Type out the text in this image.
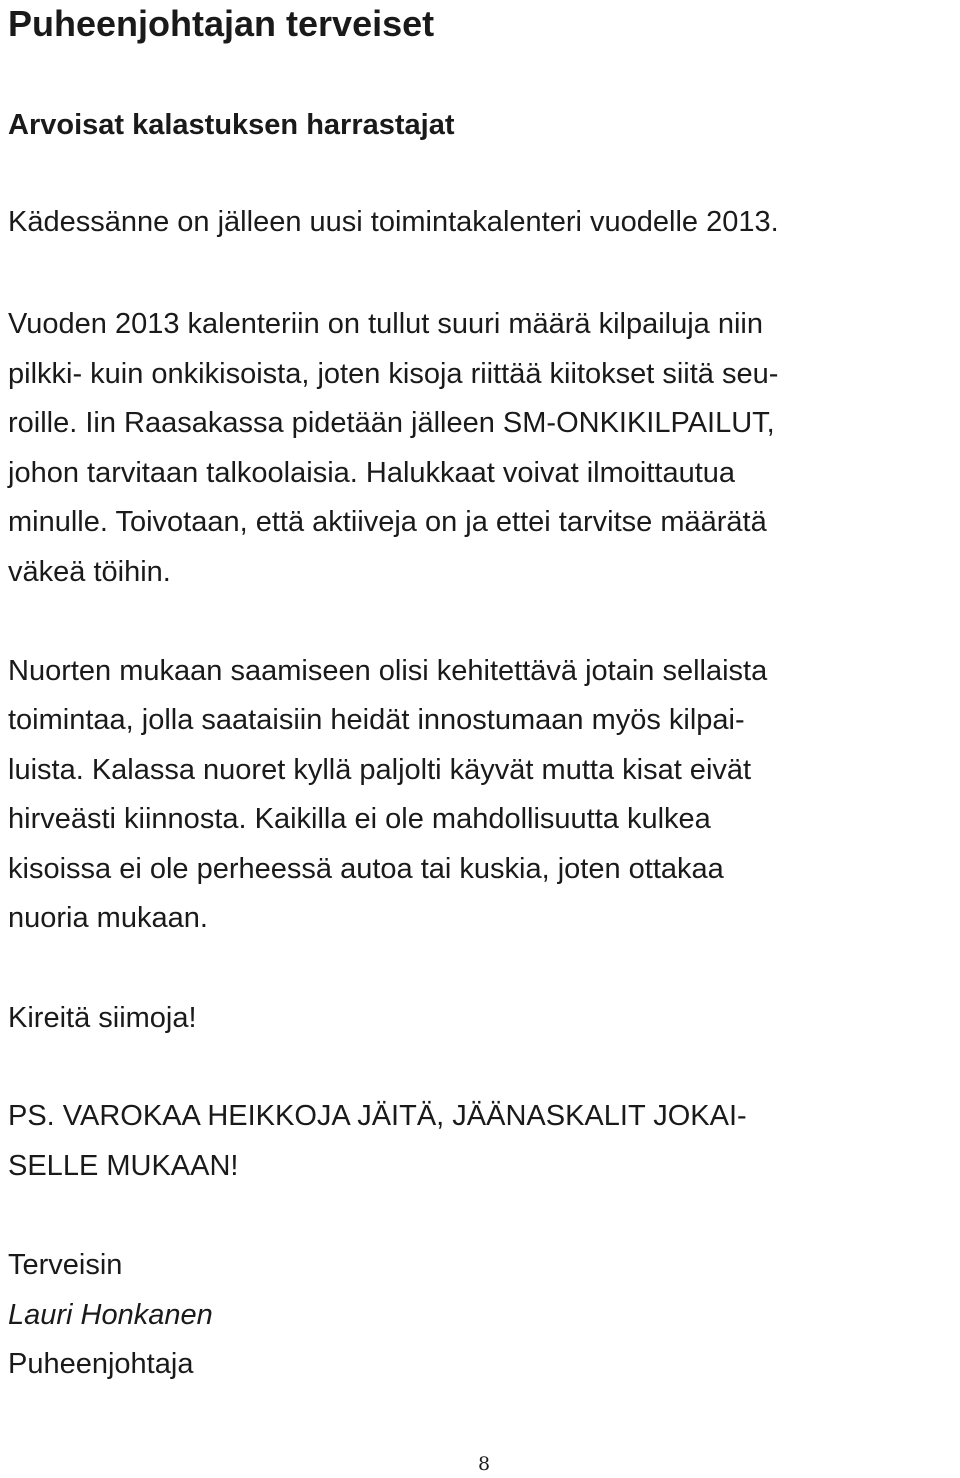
Puheenjohtajan terveiset
Arvoisat kalastuksen harrastajat

Kädessänne on jälleen uusi toimintakalenteri vuodelle 2013.

Vuoden 2013 kalenteriin on tullut suuri määrä kilpailuja niin

pilkki- kuin onkikisoista, joten kisoja riittää kiitokset siitä seu-

roille. Iin Raasakassa pidetään jälleen SM-ONKIKILPAILUT,

johon tarvitaan talkoolaisia. Halukkaat voivat ilmoittautua

minulle. Toivotaan, että aktiiveja on ja ettei tarvitse määrätä

väkeä töihin.

Nuorten mukaan saamiseen olisi kehitettävä jotain sellaista

toimintaa, jolla saataisiin heidät innostumaan myös kilpai-

luista. Kalassa nuoret kyllä paljolti käyvät mutta kisat eivät

hirveästi kiinnosta. Kaikilla ei ole mahdollisuutta kulkea

kisoissa ei ole perheessä autoa tai kuskia, joten ottakaa

nuoria mukaan.

Kireitä siimoja!

PS. VAROKAA HEIKKOJA JÄITÄ, JÄÄNASKALIT JOKAI-

SELLE MUKAAN!

Terveisin

Lauri Honkanen

Puheenjohtaja

8
